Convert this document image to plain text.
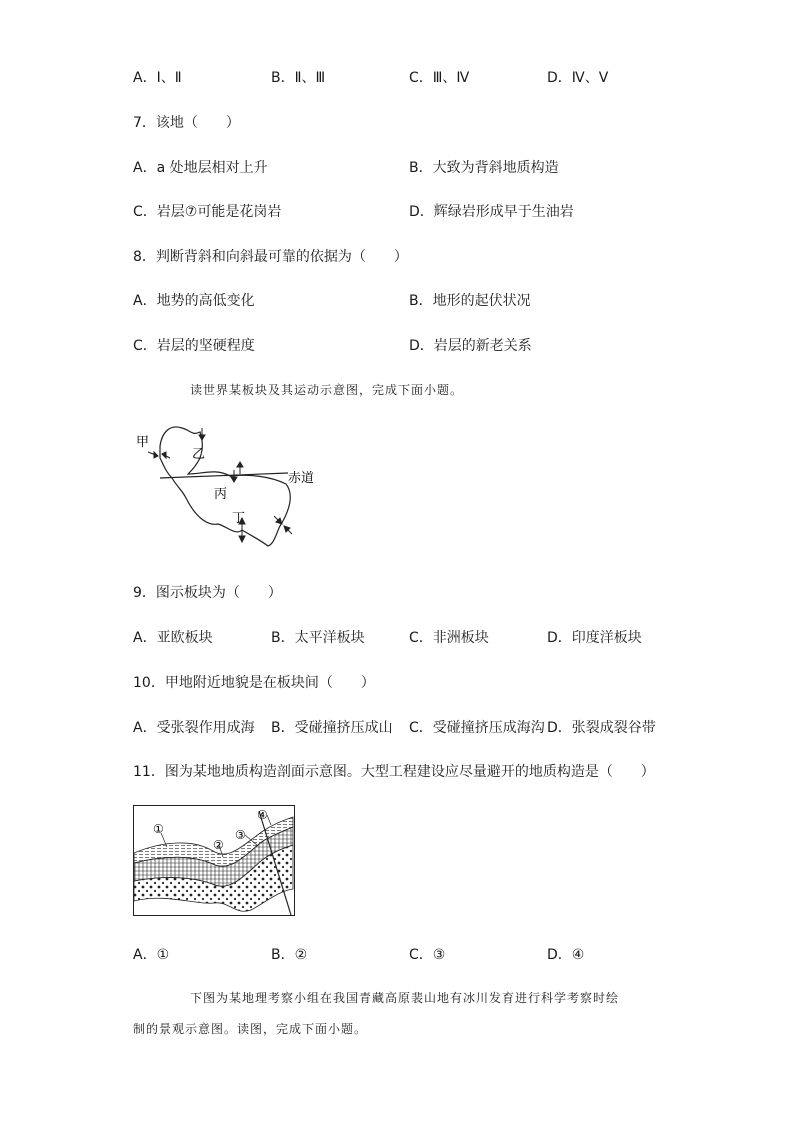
A．Ⅰ、Ⅱ	B．Ⅱ、Ⅲ	C．Ⅲ、Ⅳ	D．Ⅳ、Ⅴ
7．该地（　　）
A．a 处地层相对上升	B．大致为背斜地质构造
C．岩层⑦可能是花岗岩	D．辉绿岩形成早于生油岩
8．判断背斜和向斜最可靠的依据为（　　）
A．地势的高低变化	B．地形的起伏状况
C．岩层的坚硬程度	D．岩层的新老关系
读世界某板块及其运动示意图，完成下面小题。
甲
乙
丙
丁
赤道
9．图示板块为（　　）
A．亚欧板块	B．太平洋板块	C．非洲板块	D．印度洋板块
10．甲地附近地貌是在板块间（　　）
A．受张裂作用成海 B．受碰撞挤压成山 C．受碰撞挤压成海沟 D．张裂成裂谷带
11．图为某地地质构造剖面示意图。大型工程建设应尽量避开的地质构造是（　　）
①
②
③
④
A．①	B．②	C．③	D．④
下图为某地理考察小组在我国青藏高原裴山地有冰川发育进行科学考察时绘
制的景观示意图。读图，完成下面小题。
